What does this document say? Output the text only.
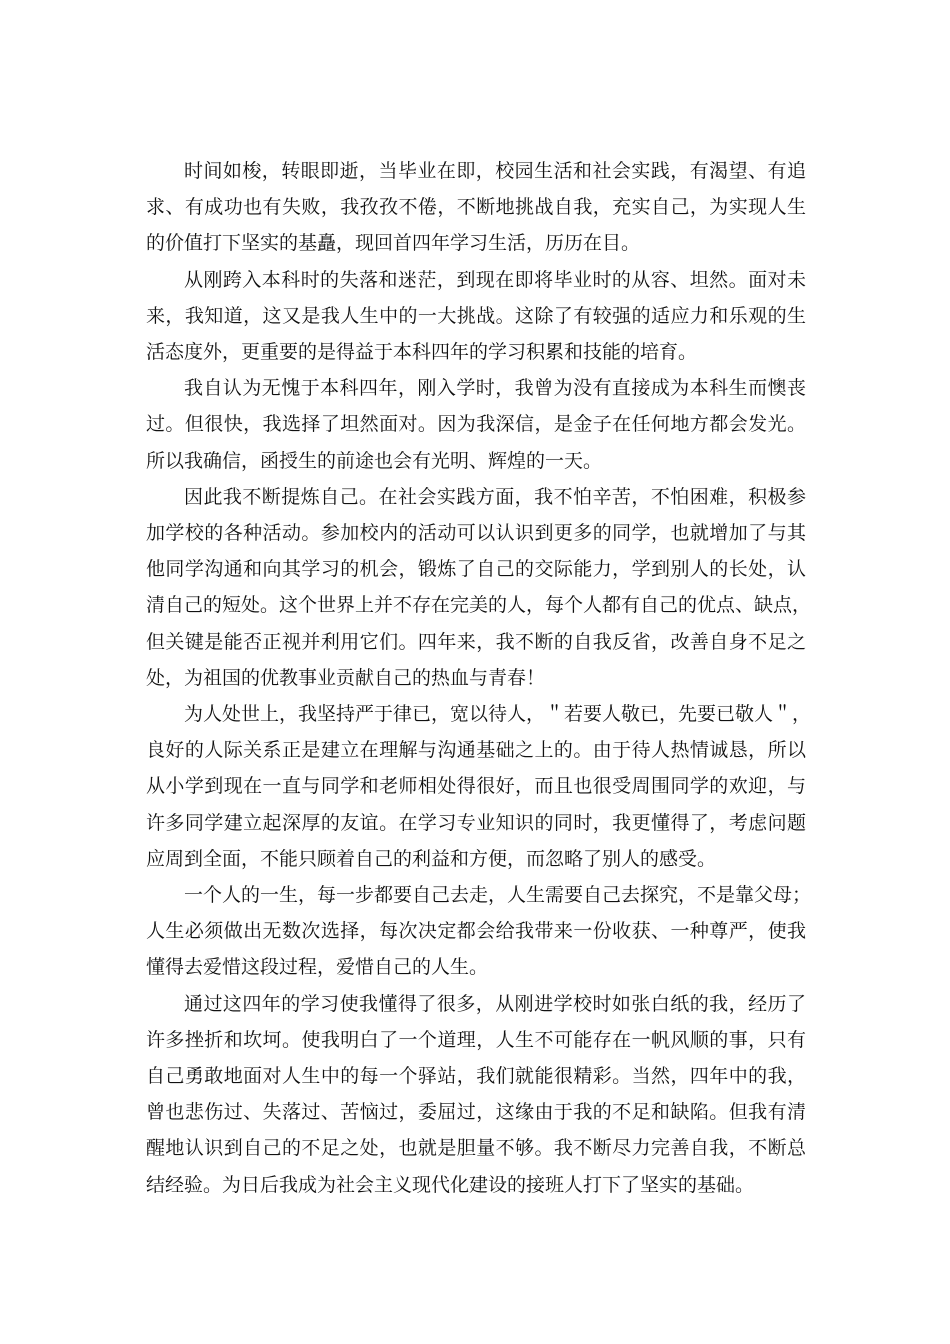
时间如梭，转眼即逝，当毕业在即，校园生活和社会实践，有渴望、有追
求、有成功也有失败，我孜孜不倦，不断地挑战自我，充实自己，为实现人生
的价值打下坚实的基矗，现回首四年学习生活，历历在目。
从刚跨入本科时的失落和迷茫，到现在即将毕业时的从容、坦然。面对未
来，我知道，这又是我人生中的一大挑战。这除了有较强的适应力和乐观的生
活态度外，更重要的是得益于本科四年的学习积累和技能的培育。
我自认为无愧于本科四年，刚入学时，我曾为没有直接成为本科生而懊丧
过。但很快，我选择了坦然面对。因为我深信，是金子在任何地方都会发光。
所以我确信，函授生的前途也会有光明、辉煌的一天。
因此我不断提炼自己。在社会实践方面，我不怕辛苦，不怕困难，积极参
加学校的各种活动。参加校内的活动可以认识到更多的同学，也就增加了与其
他同学沟通和向其学习的机会，锻炼了自己的交际能力，学到别人的长处，认
清自己的短处。这个世界上并不存在完美的人，每个人都有自己的优点、缺点，
但关键是能否正视并利用它们。四年来，我不断的自我反省，改善自身不足之
处，为祖国的优教事业贡献自己的热血与青春！
为人处世上，我坚持严于律已，宽以待人，＂若要人敬已，先要已敬人＂，
良好的人际关系正是建立在理解与沟通基础之上的。由于待人热情诚恳，所以
从小学到现在一直与同学和老师相处得很好，而且也很受周围同学的欢迎，与
许多同学建立起深厚的友谊。在学习专业知识的同时，我更懂得了，考虑问题
应周到全面，不能只顾着自己的利益和方便，而忽略了别人的感受。
一个人的一生，每一步都要自己去走，人生需要自己去探究，不是靠父母；
人生必须做出无数次选择，每次决定都会给我带来一份收获、一种尊严，使我
懂得去爱惜这段过程，爱惜自己的人生。
通过这四年的学习使我懂得了很多，从刚进学校时如张白纸的我，经历了
许多挫折和坎坷。使我明白了一个道理，人生不可能存在一帆风顺的事，只有
自己勇敢地面对人生中的每一个驿站，我们就能很精彩。当然，四年中的我，
曾也悲伤过、失落过、苦恼过，委屈过，这缘由于我的不足和缺陷。但我有清
醒地认识到自己的不足之处，也就是胆量不够。我不断尽力完善自我，不断总
结经验。为日后我成为社会主义现代化建设的接班人打下了坚实的基础。
